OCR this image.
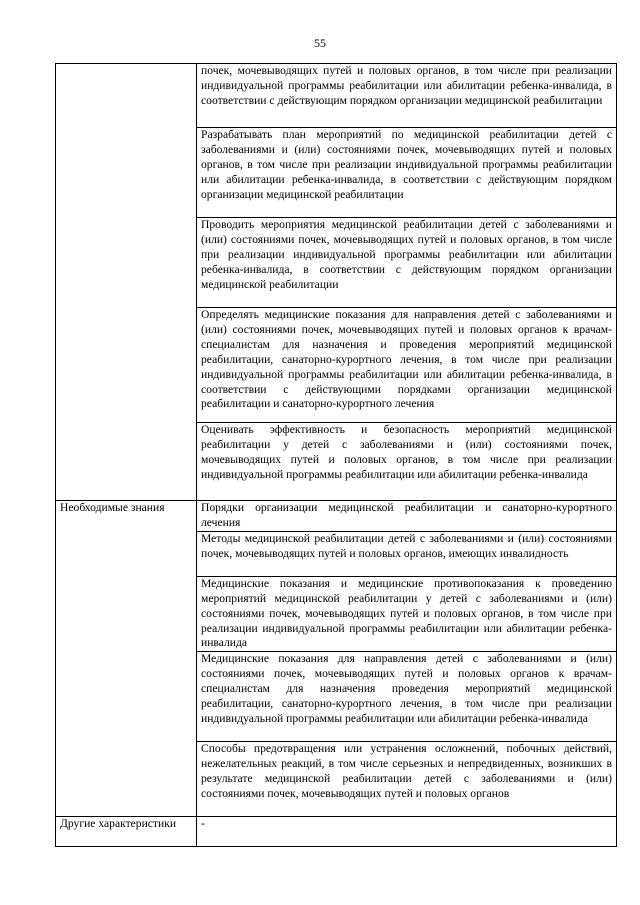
55
	почек, мочевыводящих путей и половых органов, в том числе при реализации индивидуальной программы реабилитации или абилитации ребенка-инвалида, в соответствии с действующим порядком организации медицинской реабилитации
	Разрабатывать план мероприятий по медицинской реабилитации детей с заболеваниями и (или) состояниями почек, мочевыводящих путей и половых органов, в том числе при реализации индивидуальной программы реабилитации или абилитации ребенка-инвалида, в соответствии с действующим порядком организации медицинской реабилитации
	Проводить мероприятия медицинской реабилитации детей с заболеваниями и (или) состояниями почек, мочевыводящих путей и половых органов, в том числе при реализации индивидуальной программы реабилитации или абилитации ребенка-инвалида, в соответствии с действующим порядком организации медицинской реабилитации
	Определять медицинские показания для направления детей с заболеваниями и (или) состояниями почек, мочевыводящих путей и половых органов к врачам-специалистам для назначения и проведения мероприятий медицинской реабилитации, санаторно-курортного лечения, в том числе при реализации индивидуальной программы реабилитации или абилитации ребенка-инвалида, в соответствии с действующими порядками организации медицинской реабилитации и санаторно-курортного лечения
	Оценивать эффективность и безопасность мероприятий медицинской реабилитации у детей с заболеваниями и (или) состояниями почек, мочевыводящих путей и половых органов, в том числе при реализации индивидуальной программы реабилитации или абилитации ребенка-инвалида
Необходимые знания	Порядки организации медицинской реабилитации и санаторно-курортного лечения
	Методы медицинской реабилитации детей с заболеваниями и (или) состояниями почек, мочевыводящих путей и половых органов, имеющих инвалидность
	Медицинские показания и медицинские противопоказания к проведению мероприятий медицинской реабилитации у детей с заболеваниями и (или) состояниями почек, мочевыводящих путей и половых органов, в том числе при реализации индивидуальной программы реабилитации или абилитации ребенка-инвалида
	Медицинские показания для направления детей с заболеваниями и (или) состояниями почек, мочевыводящих путей и половых органов к врачам-специалистам для назначения проведения мероприятий медицинской реабилитации, санаторно-курортного лечения, в том числе при реализации индивидуальной программы реабилитации или абилитации ребенка-инвалида
	Способы предотвращения или устранения осложнений, побочных действий, нежелательных реакций, в том числе серьезных и непредвиденных, возникших в результате медицинской реабилитации детей с заболеваниями и (или) состояниями почек, мочевыводящих путей и половых органов
Другие характеристики	-
